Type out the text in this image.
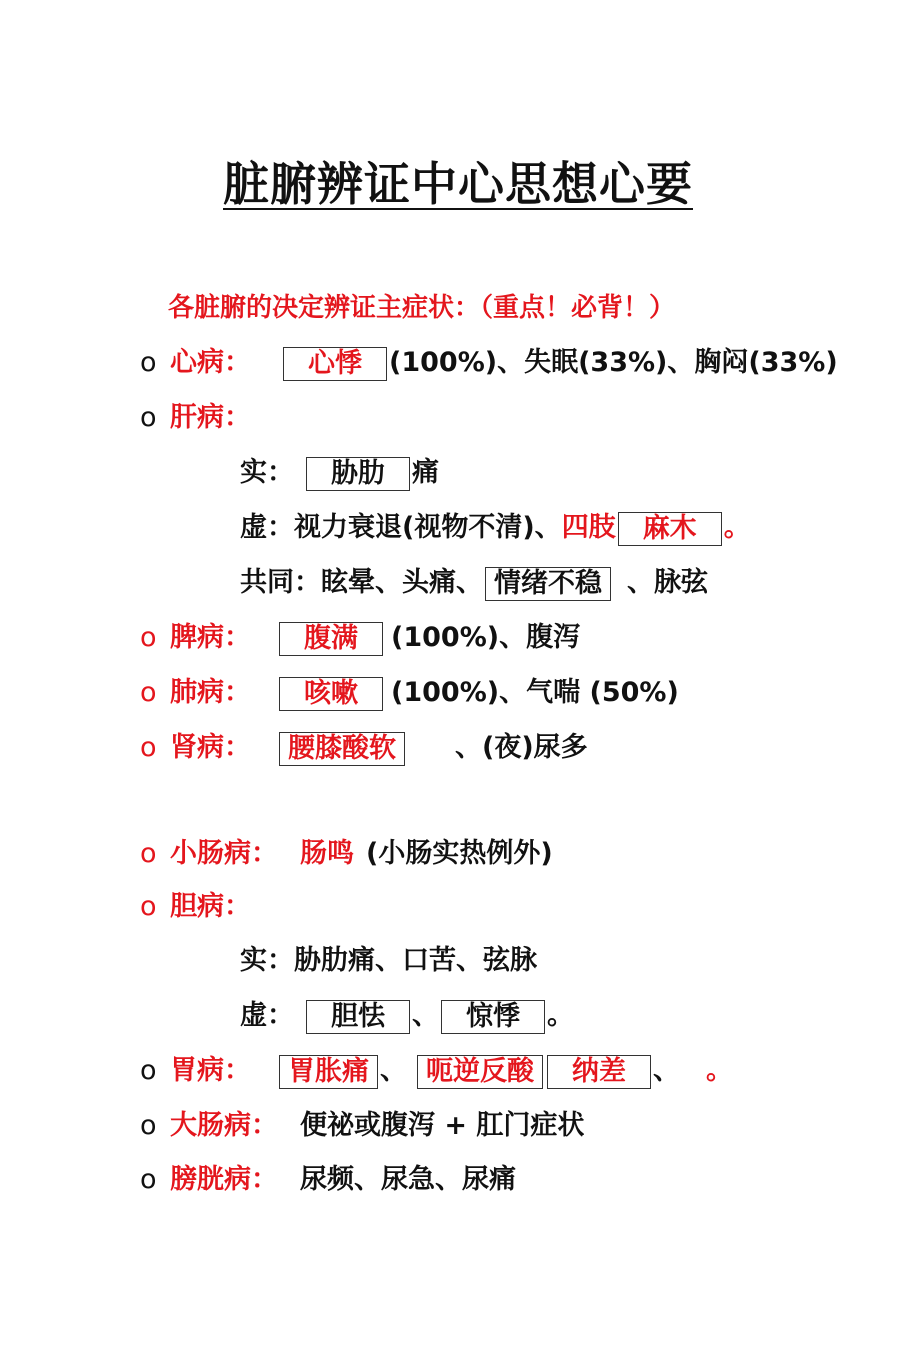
脏腑辨证中心思想心要
各脏腑的决定辨证主症状：（重点！必背！）
o 心病： 心悸 (100%)、失眠(33%)、胸闷(33%)
o 肝病：
实： 胁肋 痛
虚：视力衰退(视物不清)、四肢 麻木 。
共同：眩晕、头痛、 情绪不稳 、脉弦
o 脾病： 腹满 (100%)、腹泻
o 肺病： 咳嗽 (100%)、气喘 (50%)
o 肾病： 腰膝酸软 、(夜)尿多
o 小肠病： 肠鸣 (小肠实热例外)
o 胆病：
实：胁肋痛、口苦、弦脉
虚： 胆怯 、 惊悸 。
o 胃病： 胃胀痛 、 呃逆反酸 纳差 、 。
o 大肠病： 便祕或腹泻 + 肛门症状
o 膀胱病： 尿频、尿急、尿痛
